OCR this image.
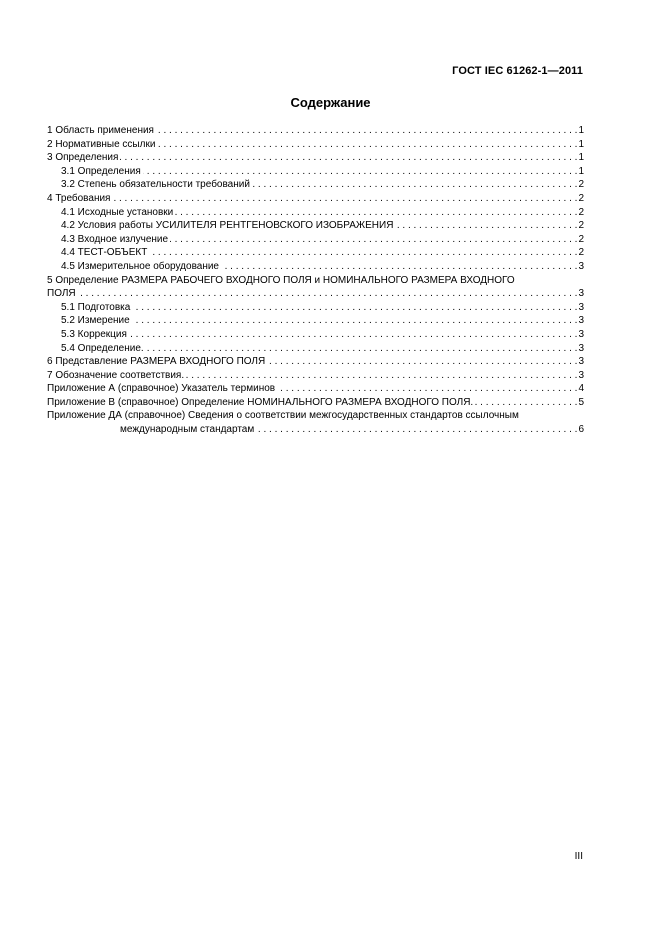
ГОСТ IEC 61262-1—2011
Содержание
1 Область применения . . .	1
2 Нормативные ссылки . . .	1
3 Определения . . .	1
3.1 Определения . . .	1
3.2 Степень обязательности требований . . .	2
4 Требования . . .	2
4.1 Исходные установки . . .	2
4.2 Условия работы УСИЛИТЕЛЯ РЕНТГЕНОВСКОГО ИЗОБРАЖЕНИЯ . . .	2
4.3 Входное излучение . . .	2
4.4 ТЕСТ-ОБЪЕКТ . . .	2
4.5 Измерительное оборудование . . .	3
5 Определение РАЗМЕРА РАБОЧЕГО ВХОДНОГО ПОЛЯ и НОМИНАЛЬНОГО РАЗМЕРА ВХОДНОГО
ПОЛЯ . . .	3
5.1 Подготовка . . .	3
5.2 Измерение . . .	3
5.3 Коррекция . . .	3
5.4 Определение. . . .	3
6 Представление РАЗМЕРА ВХОДНОГО ПОЛЯ . . .	3
7 Обозначение соответствия. . . .	3
Приложение А (справочное) Указатель терминов . . .	4
Приложение В (справочное) Определение НОМИНАЛЬНОГО РАЗМЕРА ВХОДНОГО ПОЛЯ. . . .	5
Приложение ДА (справочное) Сведения о соответствии межгосударственных стандартов ссылочным
международным стандартам . . .	6
III
